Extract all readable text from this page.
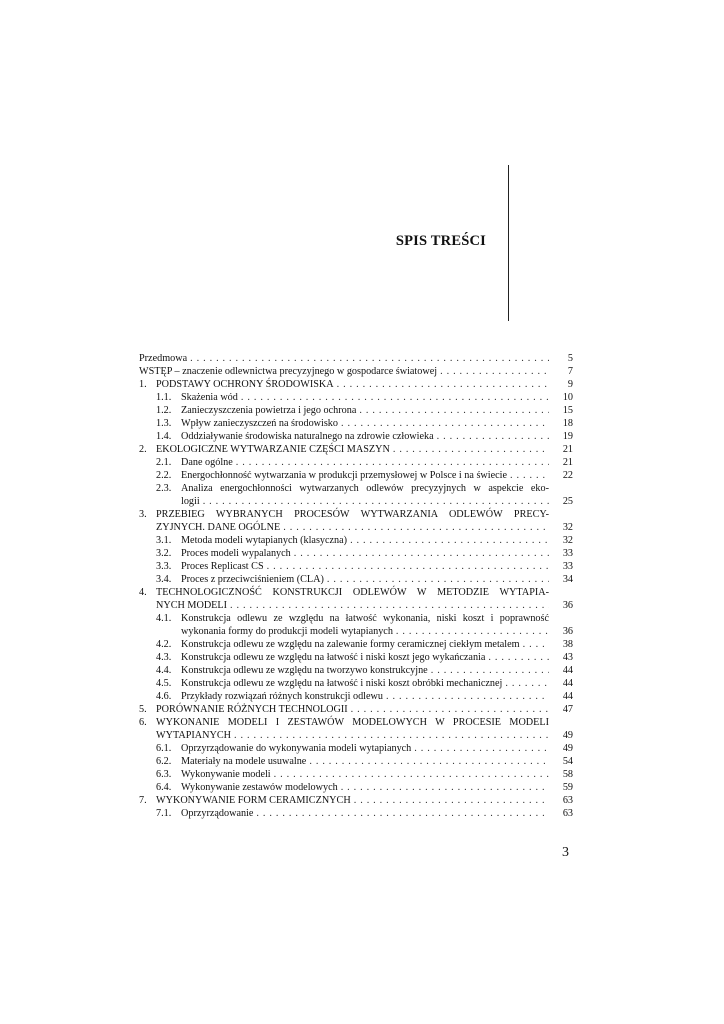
SPIS TREŚCI
Przedmowa . . .	5
WSTĘP – znaczenie odlewnictwa precyzyjnego w gospodarce światowej . . .	7
1. PODSTAWY OCHRONY ŚRODOWISKA . . .	9
1.1. Skażenia wód . . .	10
1.2. Zanieczyszczenia powietrza i jego ochrona . . .	15
1.3. Wpływ zanieczyszczeń na środowisko . . .	18
1.4. Oddziaływanie środowiska naturalnego na zdrowie człowieka . . .	19
2. EKOLOGICZNE WYTWARZANIE CZĘŚCI MASZYN . . .	21
2.1. Dane ogólne . . .	21
2.2. Energochłonność wytwarzania w produkcji przemysłowej w Polsce i na świecie . . .	22
2.3. Analiza energochłonności wytwarzanych odlewów precyzyjnych w aspekcie eko-
logii . . .	25
3. PRZEBIEG WYBRANYCH PROCESÓW WYTWARZANIA ODLEWÓW PRECY-
ZYJNYCH. DANE OGÓLNE . . .	32
3.1. Metoda modeli wytapianych (klasyczna) . . .	32
3.2. Proces modeli wypalanych . . .	33
3.3. Proces Replicast CS . . .	33
3.4. Proces z przeciwciśnieniem (CLA) . . .	34
4. TECHNOLOGICZNOŚĆ KONSTRUKCJI ODLEWÓW W METODZIE WYTAPIA-
NYCH MODELI . . .	36
4.1. Konstrukcja odlewu ze względu na łatwość wykonania, niski koszt i poprawność
wykonania formy do produkcji modeli wytapianych . . .	36
4.2. Konstrukcja odlewu ze względu na zalewanie formy ceramicznej ciekłym metalem . . .	38
4.3. Konstrukcja odlewu ze względu na łatwość i niski koszt jego wykańczania . . .	43
4.4. Konstrukcja odlewu ze względu na tworzywo konstrukcyjne . . .	44
4.5. Konstrukcja odlewu ze względu na łatwość i niski koszt obróbki mechanicznej . . .	44
4.6. Przykłady rozwiązań różnych konstrukcji odlewu . . .	44
5. PORÓWNANIE RÓŻNYCH TECHNOLOGII . . .	47
6. WYKONANIE MODELI I ZESTAWÓW MODELOWYCH W PROCESIE MODELI
WYTAPIANYCH . . .	49
6.1. Oprzyrządowanie do wykonywania modeli wytapianych . . .	49
6.2. Materiały na modele usuwalne . . .	54
6.3. Wykonywanie modeli . . .	58
6.4. Wykonywanie zestawów modelowych . . .	59
7. WYKONYWANIE FORM CERAMICZNYCH . . .	63
7.1. Oprzyrządowanie . . .	63
3
